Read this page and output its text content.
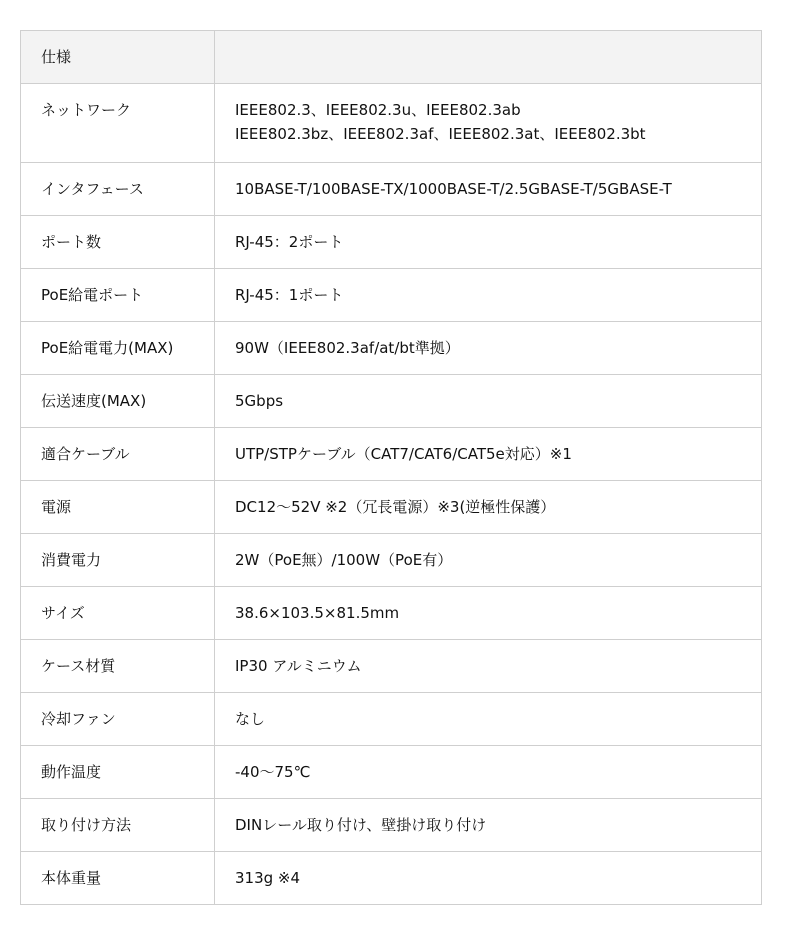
仕様	
ネットワーク	IEEE802.3、IEEE802.3u、IEEE802.3ab
IEEE802.3bz、IEEE802.3af、IEEE802.3at、IEEE802.3bt

インタフェース	10BASE-T/100BASE-TX/1000BASE-T/2.5GBASE-T/5GBASE-T
ポート数	RJ-45：2ポート
PoE給電ポート	RJ-45：1ポート
PoE給電電力(MAX)	90W（IEEE802.3af/at/bt準拠）
伝送速度(MAX)	5Gbps
適合ケーブル	UTP/STPケーブル（CAT7/CAT6/CAT5e対応）※1
電源	DC12～52V ※2（冗長電源）※3(逆極性保護）
消費電力	2W（PoE無）/100W（PoE有）
サイズ	38.6×103.5×81.5mm
ケース材質	IP30 アルミニウム
冷却ファン	なし
動作温度	-40～75℃
取り付け方法	DINレール取り付け、壁掛け取り付け
本体重量	313g ※4
